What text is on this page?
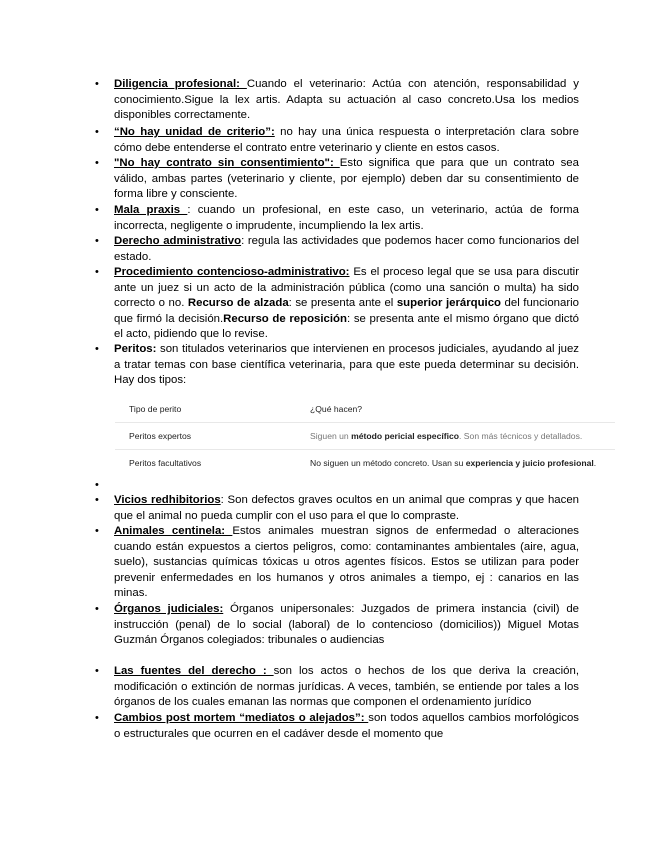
• Diligencia profesional: Cuando el veterinario: Actúa con atención, responsabilidad y conocimiento.Sigue la lex artis. Adapta su actuación al caso concreto.Usa los medios disponibles correctamente.
• “No hay unidad de criterio”: no hay una única respuesta o interpretación clara sobre cómo debe entenderse el contrato entre veterinario y cliente en estos casos.
• "No hay contrato sin consentimiento": Esto significa que para que un contrato sea válido, ambas partes (veterinario y cliente, por ejemplo) deben dar su consentimiento de forma libre y consciente.
• Mala praxis : cuando un profesional, en este caso, un veterinario, actúa de forma incorrecta, negligente o imprudente, incumpliendo la lex artis.
• Derecho administrativo: regula las actividades que podemos hacer como funcionarios del estado.
• Procedimiento contencioso-administrativo: Es el proceso legal que se usa para discutir ante un juez si un acto de la administración pública (como una sanción o multa) ha sido correcto o no. Recurso de alzada: se presenta ante el superior jerárquico del funcionario que firmó la decisión.Recurso de reposición: se presenta ante el mismo órgano que dictó el acto, pidiendo que lo revise.
• Peritos: son titulados veterinarios que intervienen en procesos judiciales, ayudando al juez a tratar temas con base científica veterinaria, para que este pueda determinar su decisión. Hay dos tipos:
•
• Vicios redhibitorios: Son defectos graves ocultos en un animal que compras y que hacen que el animal no pueda cumplir con el uso para el que lo compraste.
• Animales centinela: Estos animales muestran signos de enfermedad o alteraciones cuando están expuestos a ciertos peligros, como: contaminantes ambientales (aire, agua, suelo), sustancias químicas tóxicas u otros agentes físicos. Estos se utilizan para poder prevenir enfermedades en los humanos y otros animales a tiempo, ej : canarios en las minas.
• Órganos judiciales: Órganos unipersonales: Juzgados de primera instancia (civil) de instrucción (penal) de lo social (laboral) de lo contencioso (domicilios)) Miguel Motas Guzmán Órganos colegiados: tribunales o audiencias
• Las fuentes del derecho : son los actos o hechos de los que deriva la creación, modificación o extinción de normas jurídicas. A veces, también, se entiende por tales a los órganos de los cuales emanan las normas que componen el ordenamiento jurídico
• Cambios post mortem “mediatos o alejados”: son todos aquellos cambios morfológicos o estructurales que ocurren en el cadáver desde el momento que
Tipo de perito	¿Qué hacen?
Peritos expertos	Siguen un método pericial específico. Son más técnicos y detallados.
Peritos facultativos	No siguen un método concreto. Usan su experiencia y juicio profesional.
